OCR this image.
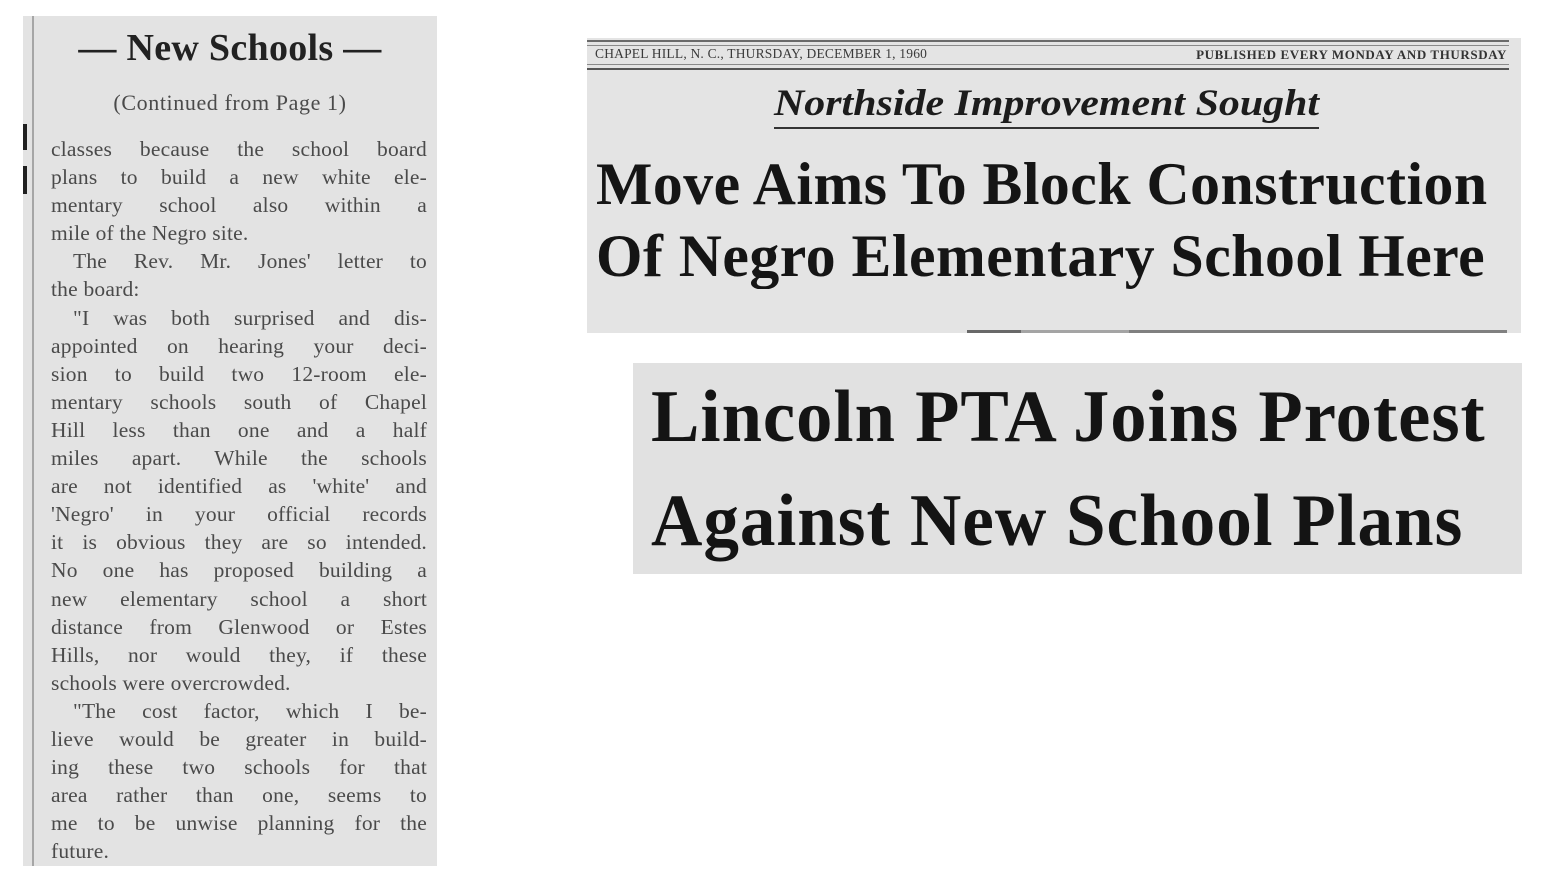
— New Schools —
(Continued from Page 1)
classes because the school board
plans to build a new white ele-
mentary school also within a
mile of the Negro site.
The Rev. Mr. Jones' letter to
the board:
"I was both surprised and dis-
appointed on hearing your deci-
sion to build two 12-room ele-
mentary schools south of Chapel
Hill less than one and a half
miles apart. While the schools
are not identified as 'white' and
'Negro' in your official records
it is obvious they are so intended.
No one has proposed building a
new elementary school a short
distance from Glenwood or Estes
Hills, nor would they, if these
schools were overcrowded.
"The cost factor, which I be-
lieve would be greater in build-
ing these two schools for that
area rather than one, seems to
me to be unwise planning for the
future.
CHAPEL HILL, N. C., THURSDAY, DECEMBER 1, 1960	PUBLISHED EVERY MONDAY AND THURSDAY
Northside Improvement Sought
Move Aims To Block Construction
Of Negro Elementary School Here
Lincoln PTA Joins Protest
Against New School Plans
